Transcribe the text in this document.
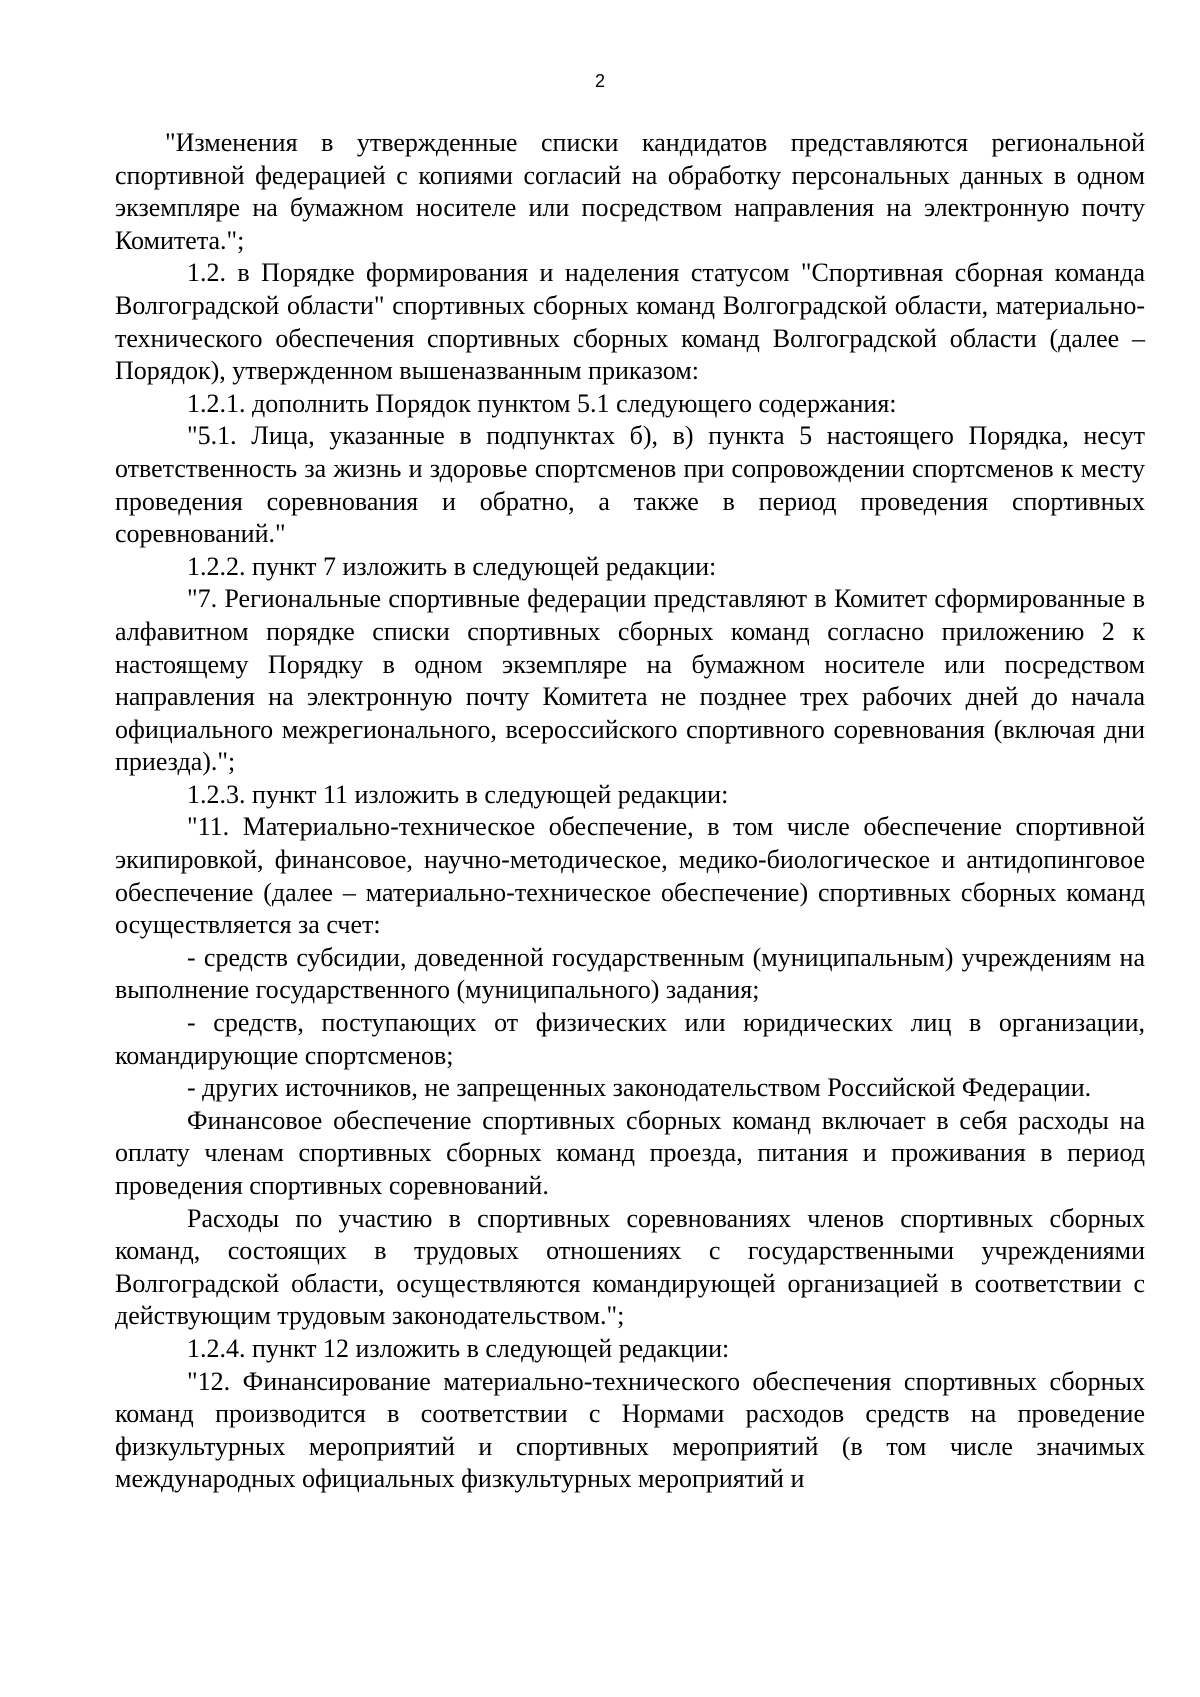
2

"Изменения в утвержденные списки кандидатов представляются региональной спортивной федерацией с копиями согласий на обработку персональных данных в одном экземпляре на бумажном носителе или посредством направления на электронную почту Комитета.";

1.2. в Порядке формирования и наделения статусом "Спортивная сборная команда Волгоградской области" спортивных сборных команд Волгоградской области, материально-технического обеспечения спортивных сборных команд Волгоградской области (далее – Порядок), утвержденном вышеназванным приказом:

1.2.1. дополнить Порядок пунктом 5.1 следующего содержания:

"5.1. Лица, указанные в подпунктах б), в) пункта 5 настоящего Порядка, несут ответственность за жизнь и здоровье спортсменов при сопровождении спортсменов к месту проведения соревнования и обратно, а также в период проведения спортивных соревнований."

1.2.2. пункт 7 изложить в следующей редакции:

"7. Региональные спортивные федерации представляют в Комитет сформированные в алфавитном порядке списки спортивных сборных команд согласно приложению 2 к настоящему Порядку в одном экземпляре на бумажном носителе или посредством направления на электронную почту Комитета не позднее трех рабочих дней до начала официального межрегионального, всероссийского спортивного соревнования (включая дни приезда).";

1.2.3. пункт 11 изложить в следующей редакции:

"11. Материально-техническое обеспечение, в том числе обеспечение спортивной экипировкой, финансовое, научно-методическое, медико-биологическое и антидопинговое обеспечение (далее – материально-техническое обеспечение) спортивных сборных команд осуществляется за счет:

- средств субсидии, доведенной государственным (муниципальным) учреждениям на выполнение государственного (муниципального) задания;

- средств, поступающих от физических или юридических лиц в организации, командирующие спортсменов;

- других источников, не запрещенных законодательством Российской Федерации.

Финансовое обеспечение спортивных сборных команд включает в себя расходы на оплату членам спортивных сборных команд проезда, питания и проживания в период проведения спортивных соревнований.

Расходы по участию в спортивных соревнованиях членов спортивных сборных команд, состоящих в трудовых отношениях с государственными учреждениями Волгоградской области, осуществляются командирующей организацией в соответствии с действующим трудовым законодательством.";

1.2.4. пункт 12 изложить в следующей редакции:

"12. Финансирование материально-технического обеспечения спортивных сборных команд производится в соответствии с Нормами расходов средств на проведение физкультурных мероприятий и спортивных мероприятий (в том числе значимых международных официальных физкультурных мероприятий и
